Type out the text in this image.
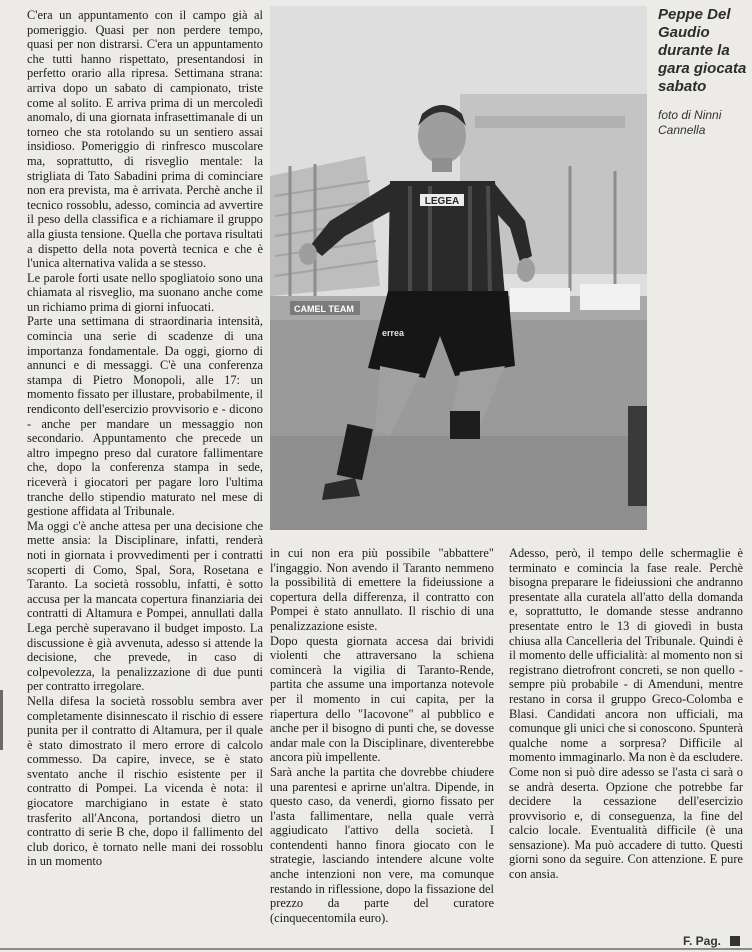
C'era un appuntamento con il campo già al pomeriggio. Quasi per non perdere tempo, quasi per non distrarsi. C'era un appuntamento che tutti hanno rispettato, presentandosi in perfetto orario alla ripresa. Settimana strana: arriva dopo un sabato di campionato, triste come al solito. E arriva prima di un mercoledì anomalo, di una giornata infrasettimanale di un torneo che sta rotolando su un sentiero assai insidioso. Pomeriggio di rinfresco muscolare ma, soprattutto, di risveglio mentale: la strigliata di Tato Sabadini prima di cominciare non era prevista, ma è arrivata. Perchè anche il tecnico rossoblu, adesso, comincia ad avvertire il peso della classifica e a richiamare il gruppo alla giusta tensione. Quella che portava risultati a dispetto della nota povertà tecnica e che è l'unica alternativa valida a se stesso.

Le parole forti usate nello spogliatoio sono una chiamata al risveglio, ma suonano anche come un richiamo prima di giorni infuocati.

Parte una settimana di straordinaria intensità, comincia una serie di scadenze di una importanza fondamentale. Da oggi, giorno di annunci e di messaggi. C'è una conferenza stampa di Pietro Monopoli, alle 17: un momento fissato per illustare, probabilmente, il rendiconto dell'esercizio provvisorio e - dicono - anche per mandare un messaggio non secondario. Appuntamento che precede un altro impegno preso dal curatore fallimentare che, dopo la conferenza stampa in sede, riceverà i giocatori per pagare loro l'ultima tranche dello stipendio maturato nel mese di gestione affidata al Tribunale.

Ma oggi c'è anche attesa per una decisione che mette ansia: la Disciplinare, infatti, renderà noti in giornata i provvedimenti per i contratti scoperti di Como, Spal, Sora, Rosetana e Taranto. La società rossoblu, infatti, è sotto accusa per la mancata copertura finanziaria dei contratti di Altamura e Pompei, annullati dalla Lega perchè superavano il budget imposto. La discussione è già avvenuta, adesso si attende la decisione, che prevede, in caso di colpevolezza, la penalizzazione di due punti per contratto irregolare.

Nella difesa la società rossoblu sembra aver completamente disinnescato il rischio di essere punita per il contratto di Altamura, per il quale è stato dimostrato il mero errore di calcolo commesso. Da capire, invece, se è stato sventato anche il rischio esistente per il contratto di Pompei. La vicenda è nota: il giocatore marchigiano in estate è stato trasferito all'Ancona, portandosi dietro un contratto di serie B che, dopo il fallimento del club dorico, è tornato nelle mani dei rossoblu in un momento

LEGEA
errea
CAMEL TEAM
Peppe Del Gaudio durante la gara giocata sabato
foto di Ninni Cannella

in cui non era più possibile "abbattere" l'ingaggio. Non avendo il Taranto nemmeno la possibilità di emettere la fideiussione a copertura della differenza, il contratto con Pompei è stato annullato. Il rischio di una penalizzazione esiste.

Dopo questa giornata accesa dai brividi violenti che attraversano la schiena comincerà la vigilia di Taranto-Rende, partita che assume una importanza notevole per il momento in cui capita, per la riapertura dello "Iacovone" al pubblico e anche per il bisogno di punti che, se dovesse andar male con la Disciplinare, diventerebbe ancora più impellente.

Sarà anche la partita che dovrebbe chiudere una parentesi e aprirne un'altra. Dipende, in questo caso, da venerdì, giorno fissato per l'asta fallimentare, nella quale verrà aggiudicato l'attivo della società. I contendenti hanno finora giocato con le strategie, lasciando intendere alcune volte anche intenzioni non vere, ma comunque restando in riflessione, dopo la fissazione del prezzo da parte del curatore (cinquecentomila euro).

Adesso, però, il tempo delle schermaglie è terminato e comincia la fase reale. Perchè bisogna preparare le fideiussioni che andranno presentate alla curatela all'atto della domanda e, soprattutto, le domande stesse andranno presentate entro le 13 di giovedì in busta chiusa alla Cancelleria del Tribunale. Quindi è il momento delle ufficialità: al momento non si registrano dietrofront concreti, se non quello - sempre più probabile - di Amenduni, mentre restano in corsa il gruppo Greco-Colomba e Blasi. Candidati ancora non ufficiali, ma comunque gli unici che si conoscono. Spunterà qualche nome a sorpresa? Difficile al momento immaginarlo. Ma non è da escludere. Come non si può dire adesso se l'asta ci sarà o se andrà deserta. Opzione che potrebbe far decidere la cessazione dell'esercizio provvisorio e, di conseguenza, la fine del calcio locale. Eventualità difficile (è una sensazione). Ma può accadere di tutto. Questi giorni sono da seguire. Con attenzione. E pure con ansia.

F. Pag.
